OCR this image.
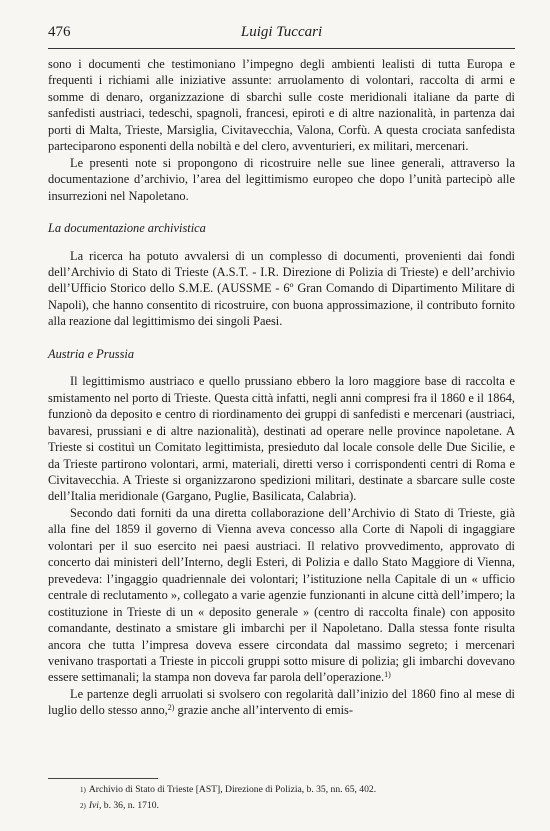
476	Luigi Tuccari

sono i documenti che testimoniano l’impegno degli ambienti lealisti di tutta Europa e frequenti i richiami alle iniziative assunte: arruolamento di volontari, raccolta di armi e somme di denaro, organizzazione di sbarchi sulle coste meridionali italiane da parte di sanfedisti austriaci, tedeschi, spagnoli, francesi, epiroti e di altre nazionalità, in partenza dai porti di Malta, Trieste, Marsiglia, Civitavecchia, Valona, Corfù. A questa crociata sanfedista parteciparono esponenti della nobiltà e del clero, avventurieri, ex militari, mercenari.

Le presenti note si propongono di ricostruire nelle sue linee generali, attraverso la documentazione d’archivio, l’area del legittimismo europeo che dopo l’unità partecipò alle insurrezioni nel Napoletano.

La documentazione archivistica

La ricerca ha potuto avvalersi di un complesso di documenti, provenienti dai fondi dell’Archivio di Stato di Trieste (A.S.T. - I.R. Direzione di Polizia di Trieste) e dell’archivio dell’Ufficio Storico dello S.M.E. (AUSSME - 6º Gran Comando di Dipartimento Militare di Napoli), che hanno consentito di ricostruire, con buona approssimazione, il contributo fornito alla reazione dal legittimismo dei singoli Paesi.

Austria e Prussia

Il legittimismo austriaco e quello prussiano ebbero la loro maggiore base di raccolta e smistamento nel porto di Trieste. Questa città infatti, negli anni compresi fra il 1860 e il 1864, funzionò da deposito e centro di riordinamento dei gruppi di sanfedisti e mercenari (austriaci, bavaresi, prussiani e di altre nazionalità), destinati ad operare nelle province napoletane. A Trieste si costituì un Comitato legittimista, presieduto dal locale console delle Due Sicilie, e da Trieste partirono volontari, armi, materiali, diretti verso i corrispondenti centri di Roma e Civitavecchia. A Trieste si organizzarono spedizioni militari, destinate a sbarcare sulle coste dell’Italia meridionale (Gargano, Puglie, Basilicata, Calabria).

Secondo dati forniti da una diretta collaborazione dell’Archivio di Stato di Trieste, già alla fine del 1859 il governo di Vienna aveva concesso alla Corte di Napoli di ingaggiare volontari per il suo esercito nei paesi austriaci. Il relativo provvedimento, approvato di concerto dai ministeri dell’Interno, degli Esteri, di Polizia e dallo Stato Maggiore di Vienna, prevedeva: l’ingaggio quadriennale dei volontari; l’istituzione nella Capitale di un « ufficio centrale di reclutamento », collegato a varie agenzie funzionanti in alcune città dell’impero; la costituzione in Trieste di un « deposito generale » (centro di raccolta finale) con apposito comandante, destinato a smistare gli imbarchi per il Napoletano. Dalla stessa fonte risulta ancora che tutta l’impresa doveva essere circondata dal massimo segreto; i mercenari venivano trasportati a Trieste in piccoli gruppi sotto misure di polizia; gli imbarchi dovevano essere settimanali; la stampa non doveva far parola dell’operazione.$^{1)}$

Le partenze degli arruolati si svolsero con regolarità dall’inizio del 1860 fino al mese di luglio dello stesso anno,$^{2)}$ grazie anche all’intervento di emis-

$^{1)}$ Archivio di Stato di Trieste [AST], Direzione di Polizia, b. 35, nn. 65, 402.

$^{2)}$ Ivi, b. 36, n. 1710.
